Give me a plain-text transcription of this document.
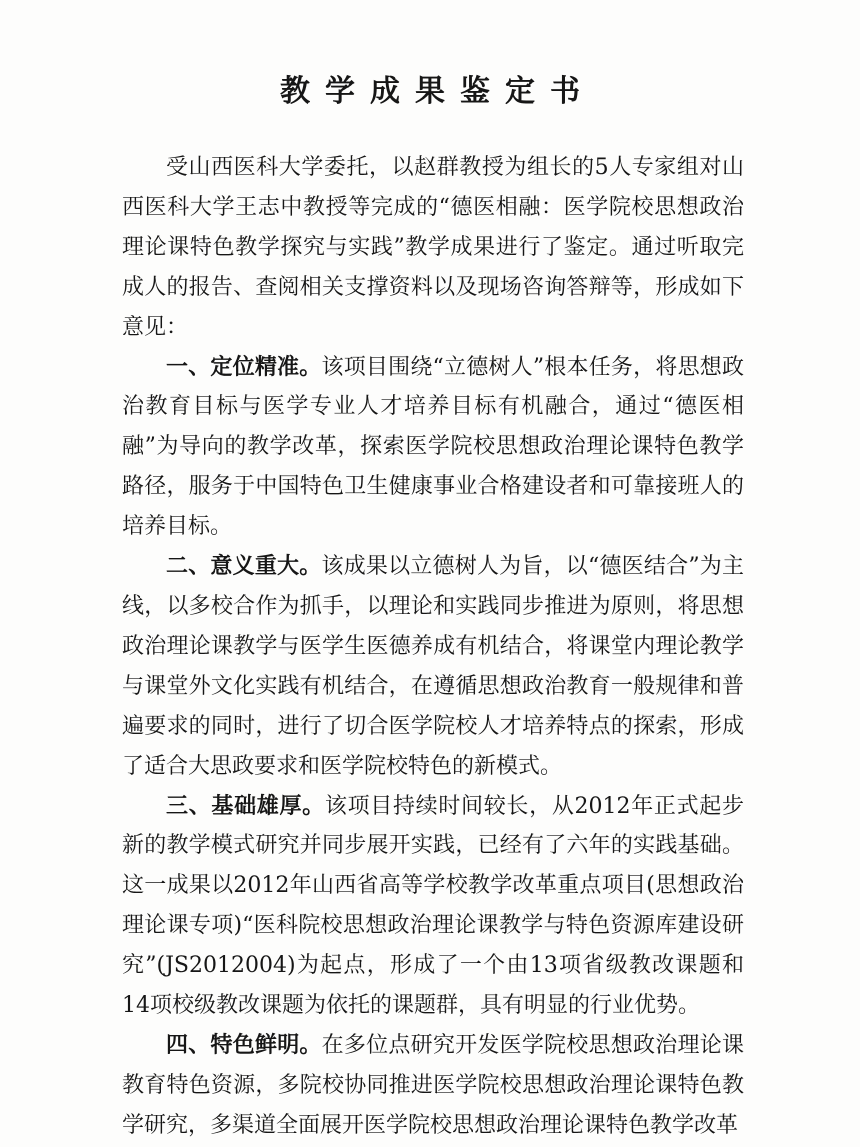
教学成果鉴定书

受山西医科大学委托，以赵群教授为组长的5人专家组对山西医科大学王志中教授等完成的“德医相融：医学院校思想政治理论课特色教学探究与实践”教学成果进行了鉴定。通过听取完成人的报告、查阅相关支撑资料以及现场咨询答辩等，形成如下意见：

一、定位精准。该项目围绕“立德树人”根本任务，将思想政治教育目标与医学专业人才培养目标有机融合，通过“德医相融”为导向的教学改革，探索医学院校思想政治理论课特色教学路径，服务于中国特色卫生健康事业合格建设者和可靠接班人的培养目标。

二、意义重大。该成果以立德树人为旨，以“德医结合”为主线，以多校合作为抓手，以理论和实践同步推进为原则，将思想政治理论课教学与医学生医德养成有机结合，将课堂内理论教学与课堂外文化实践有机结合，在遵循思想政治教育一般规律和普遍要求的同时，进行了切合医学院校人才培养特点的探索，形成了适合大思政要求和医学院校特色的新模式。

三、基础雄厚。该项目持续时间较长，从2012年正式起步新的教学模式研究并同步展开实践，已经有了六年的实践基础。这一成果以2012年山西省高等学校教学改革重点项目(思想政治理论课专项)“医科院校思想政治理论课教学与特色资源库建设研究”(JS2012004)为起点，形成了一个由13项省级教改课题和14项校级教改课题为依托的课题群，具有明显的行业优势。

四、特色鲜明。在多位点研究开发医学院校思想政治理论课教育特色资源，多院校协同推进医学院校思想政治理论课特色教学研究，多渠道全面展开医学院校思想政治理论课特色教学改革
